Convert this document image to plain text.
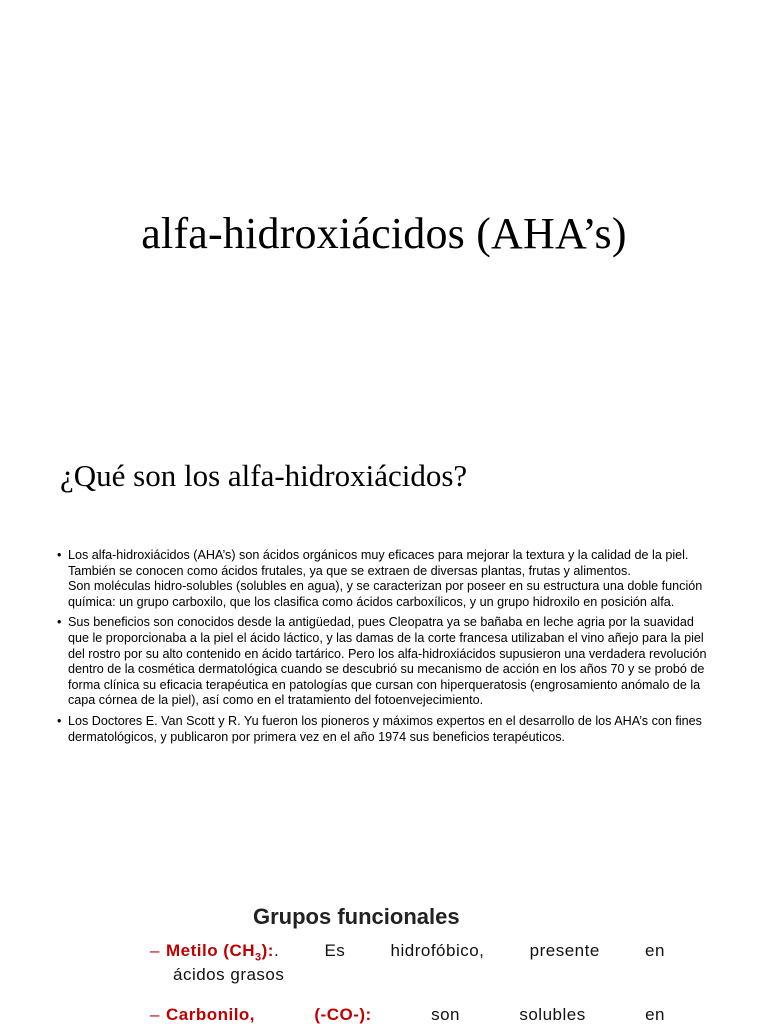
alfa-hidroxiácidos (AHA’s)
¿Qué son los alfa-hidroxiácidos?

• Los alfa-hidroxiácidos (AHA’s) son ácidos orgánicos muy eficaces para mejorar la textura y la calidad de la piel. También se conocen como ácidos frutales, ya que se extraen de diversas plantas, frutas y alimentos.

Son moléculas hidro-solubles (solubles en agua), y se caracterizan por poseer en su estructura una doble función química: un grupo carboxilo, que los clasifica como ácidos carboxílicos, y un grupo hidroxilo en posición alfa.

• Sus beneficios son conocidos desde la antigüedad, pues Cleopatra ya se bañaba en leche agria por la suavidad que le proporcionaba a la piel el ácido láctico, y las damas de la corte francesa utilizaban el vino añejo para la piel del rostro por su alto contenido en ácido tartárico. Pero los alfa-hidroxiácidos supusieron una verdadera revolución dentro de la cosmética dermatológica cuando se descubrió su mecanismo de acción en los años 70 y se probó de forma clínica su eficacia terapéutica en patologías que cursan con hiperqueratosis (engrosamiento anómalo de la capa córnea de la piel), así como en el tratamiento del fotoenvejecimiento.

• Los Doctores E. Van Scott y R. Yu fueron los pioneros y máximos expertos en el desarrollo de los AHA’s con fines dermatológicos, y publicaron por primera vez en el año 1974 sus beneficios terapéuticos.

Grupos funcionales
– Metilo $(CH_3)$:.	Es	hidrofóbico,	presente	en
ácidos grasos
– Carbonilo,	(-CO-):	son	solubles	en
